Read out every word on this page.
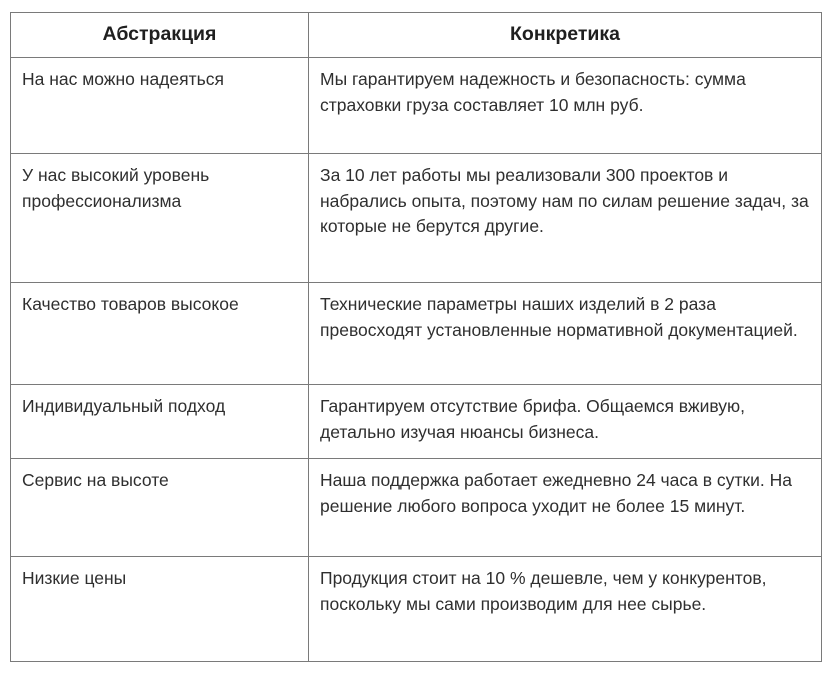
Абстракция	Конкретика

На нас можно надеяться	Мы гарантируем надежность и безопасность: сумма страховки груза составляет 10 млн руб.

У нас высокий уровень профессионализма	За 10 лет работы мы реализовали 300 проектов и набрались опыта, поэтому нам по силам решение задач, за которые не берутся другие.

Качество товаров высокое	Технические параметры наших изделий в 2 раза превосходят установленные нормативной документацией.

Индивидуальный подход	Гарантируем отсутствие брифа. Общаемся вживую, детально изучая нюансы бизнеса.

Сервис на высоте	Наша поддержка работает ежедневно 24 часа в сутки. На решение любого вопроса уходит не более 15 минут.

Низкие цены	Продукция стоит на 10 % дешевле, чем у конкурентов, поскольку мы сами производим для нее сырье.
